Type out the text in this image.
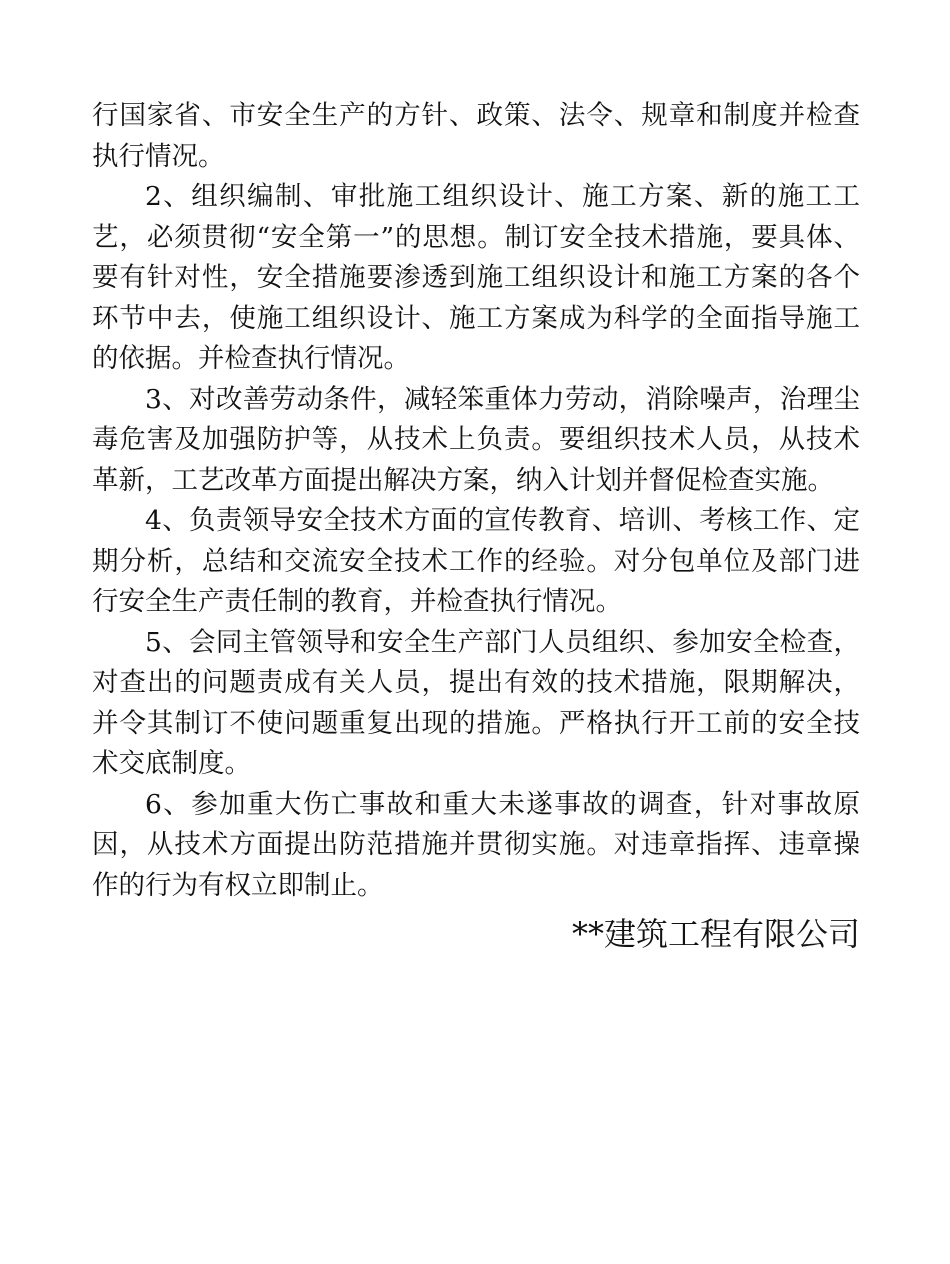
行国家省、市安全生产的方针、政策、法令、规章和制度并检查执行情况。

2、组织编制、审批施工组织设计、施工方案、新的施工工艺，必须贯彻“安全第一”的思想。制订安全技术措施，要具体、要有针对性，安全措施要渗透到施工组织设计和施工方案的各个环节中去，使施工组织设计、施工方案成为科学的全面指导施工的依据。并检查执行情况。

3、对改善劳动条件，减轻笨重体力劳动，消除噪声，治理尘毒危害及加强防护等，从技术上负责。要组织技术人员，从技术革新，工艺改革方面提出解决方案，纳入计划并督促检查实施。

4、负责领导安全技术方面的宣传教育、培训、考核工作、定期分析，总结和交流安全技术工作的经验。对分包单位及部门进行安全生产责任制的教育，并检查执行情况。

5、会同主管领导和安全生产部门人员组织、参加安全检查，对查出的问题责成有关人员，提出有效的技术措施，限期解决，并令其制订不使问题重复出现的措施。严格执行开工前的安全技术交底制度。

6、参加重大伤亡事故和重大未遂事故的调查，针对事故原因，从技术方面提出防范措施并贯彻实施。对违章指挥、违章操作的行为有权立即制止。

**建筑工程有限公司
